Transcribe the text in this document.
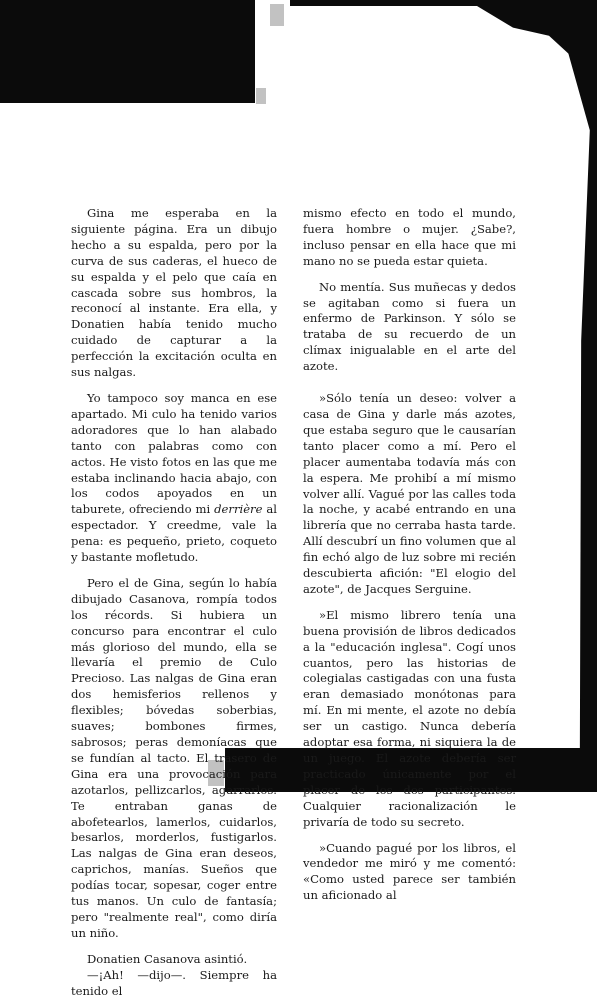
Gina me esperaba en la siguiente página. Era un dibujo hecho a su espalda, pero por la curva de sus caderas, el hueco de su espalda y el pelo que caía en cascada sobre sus hombros, la reconocí al instante. Era ella, y Donatien había tenido mucho cuidado de capturar a la perfección la excitación oculta en sus nalgas.

Yo tampoco soy manca en ese apartado. Mi culo ha tenido varios adoradores que lo han alabado tanto con palabras como con actos. He visto fotos en las que me estaba inclinando hacia abajo, con los codos apoyados en un taburete, ofreciendo mi derrière al espectador. Y creedme, vale la pena: es pequeño, prieto, coqueto y bastante mofletudo.

Pero el de Gina, según lo había dibujado Casanova, rompía todos los récords. Si hubiera un concurso para encontrar el culo más glorioso del mundo, ella se llevaría el premio de Culo Precioso. Las nalgas de Gina eran dos hemisferios rellenos y flexibles; bóvedas soberbias, suaves; bombones firmes, sabrosos; peras demoníacas que se fundían al tacto. El trasero de Gina era una provocación para azotarlos, pellizcarlos, agarrarlos. Te entraban ganas de abofetearlos, lamerlos, cuidarlos, besarlos, morderlos, fustigarlos. Las nalgas de Gina eran deseos, caprichos, manías. Sueños que podías tocar, sopesar, coger entre tus manos. Un culo de fantasía; pero "realmente real", como diría un niño.

Donatien Casanova asintió.

—¡Ah! —dijo—. Siempre ha tenido el

mismo efecto en todo el mundo, fuera hombre o mujer. ¿Sabe?, incluso pensar en ella hace que mi mano no se pueda estar quieta.

No mentía. Sus muñecas y dedos se agitaban como si fuera un enfermo de Parkinson. Y sólo se trataba de su recuerdo de un clímax inigualable en el arte del azote.

»Sólo tenía un deseo: volver a casa de Gina y darle más azotes, que estaba seguro que le causarían tanto placer como a mí. Pero el placer aumentaba todavía más con la espera. Me prohibí a mí mismo volver allí. Vagué por las calles toda la noche, y acabé entrando en una librería que no cerraba hasta tarde. Allí descubrí un fino volumen que al fin echó algo de luz sobre mi recién descubierta afición: "El elogio del azote", de Jacques Serguine.

»El mismo librero tenía una buena provisión de libros dedicados a la "educación inglesa". Cogí unos cuantos, pero las historias de colegialas castigadas con una fusta eran demasiado monótonas para mí. En mi mente, el azote no debía ser un castigo. Nunca debería adoptar esa forma, ni siquiera la de un juego. El azote debería ser practicado únicamente por el placer de los dos participantes. Cualquier racionalización le privaría de todo su secreto.

»Cuando pagué por los libros, el vendedor me miró y me comentó: «Como usted parece ser también un aficionado al
